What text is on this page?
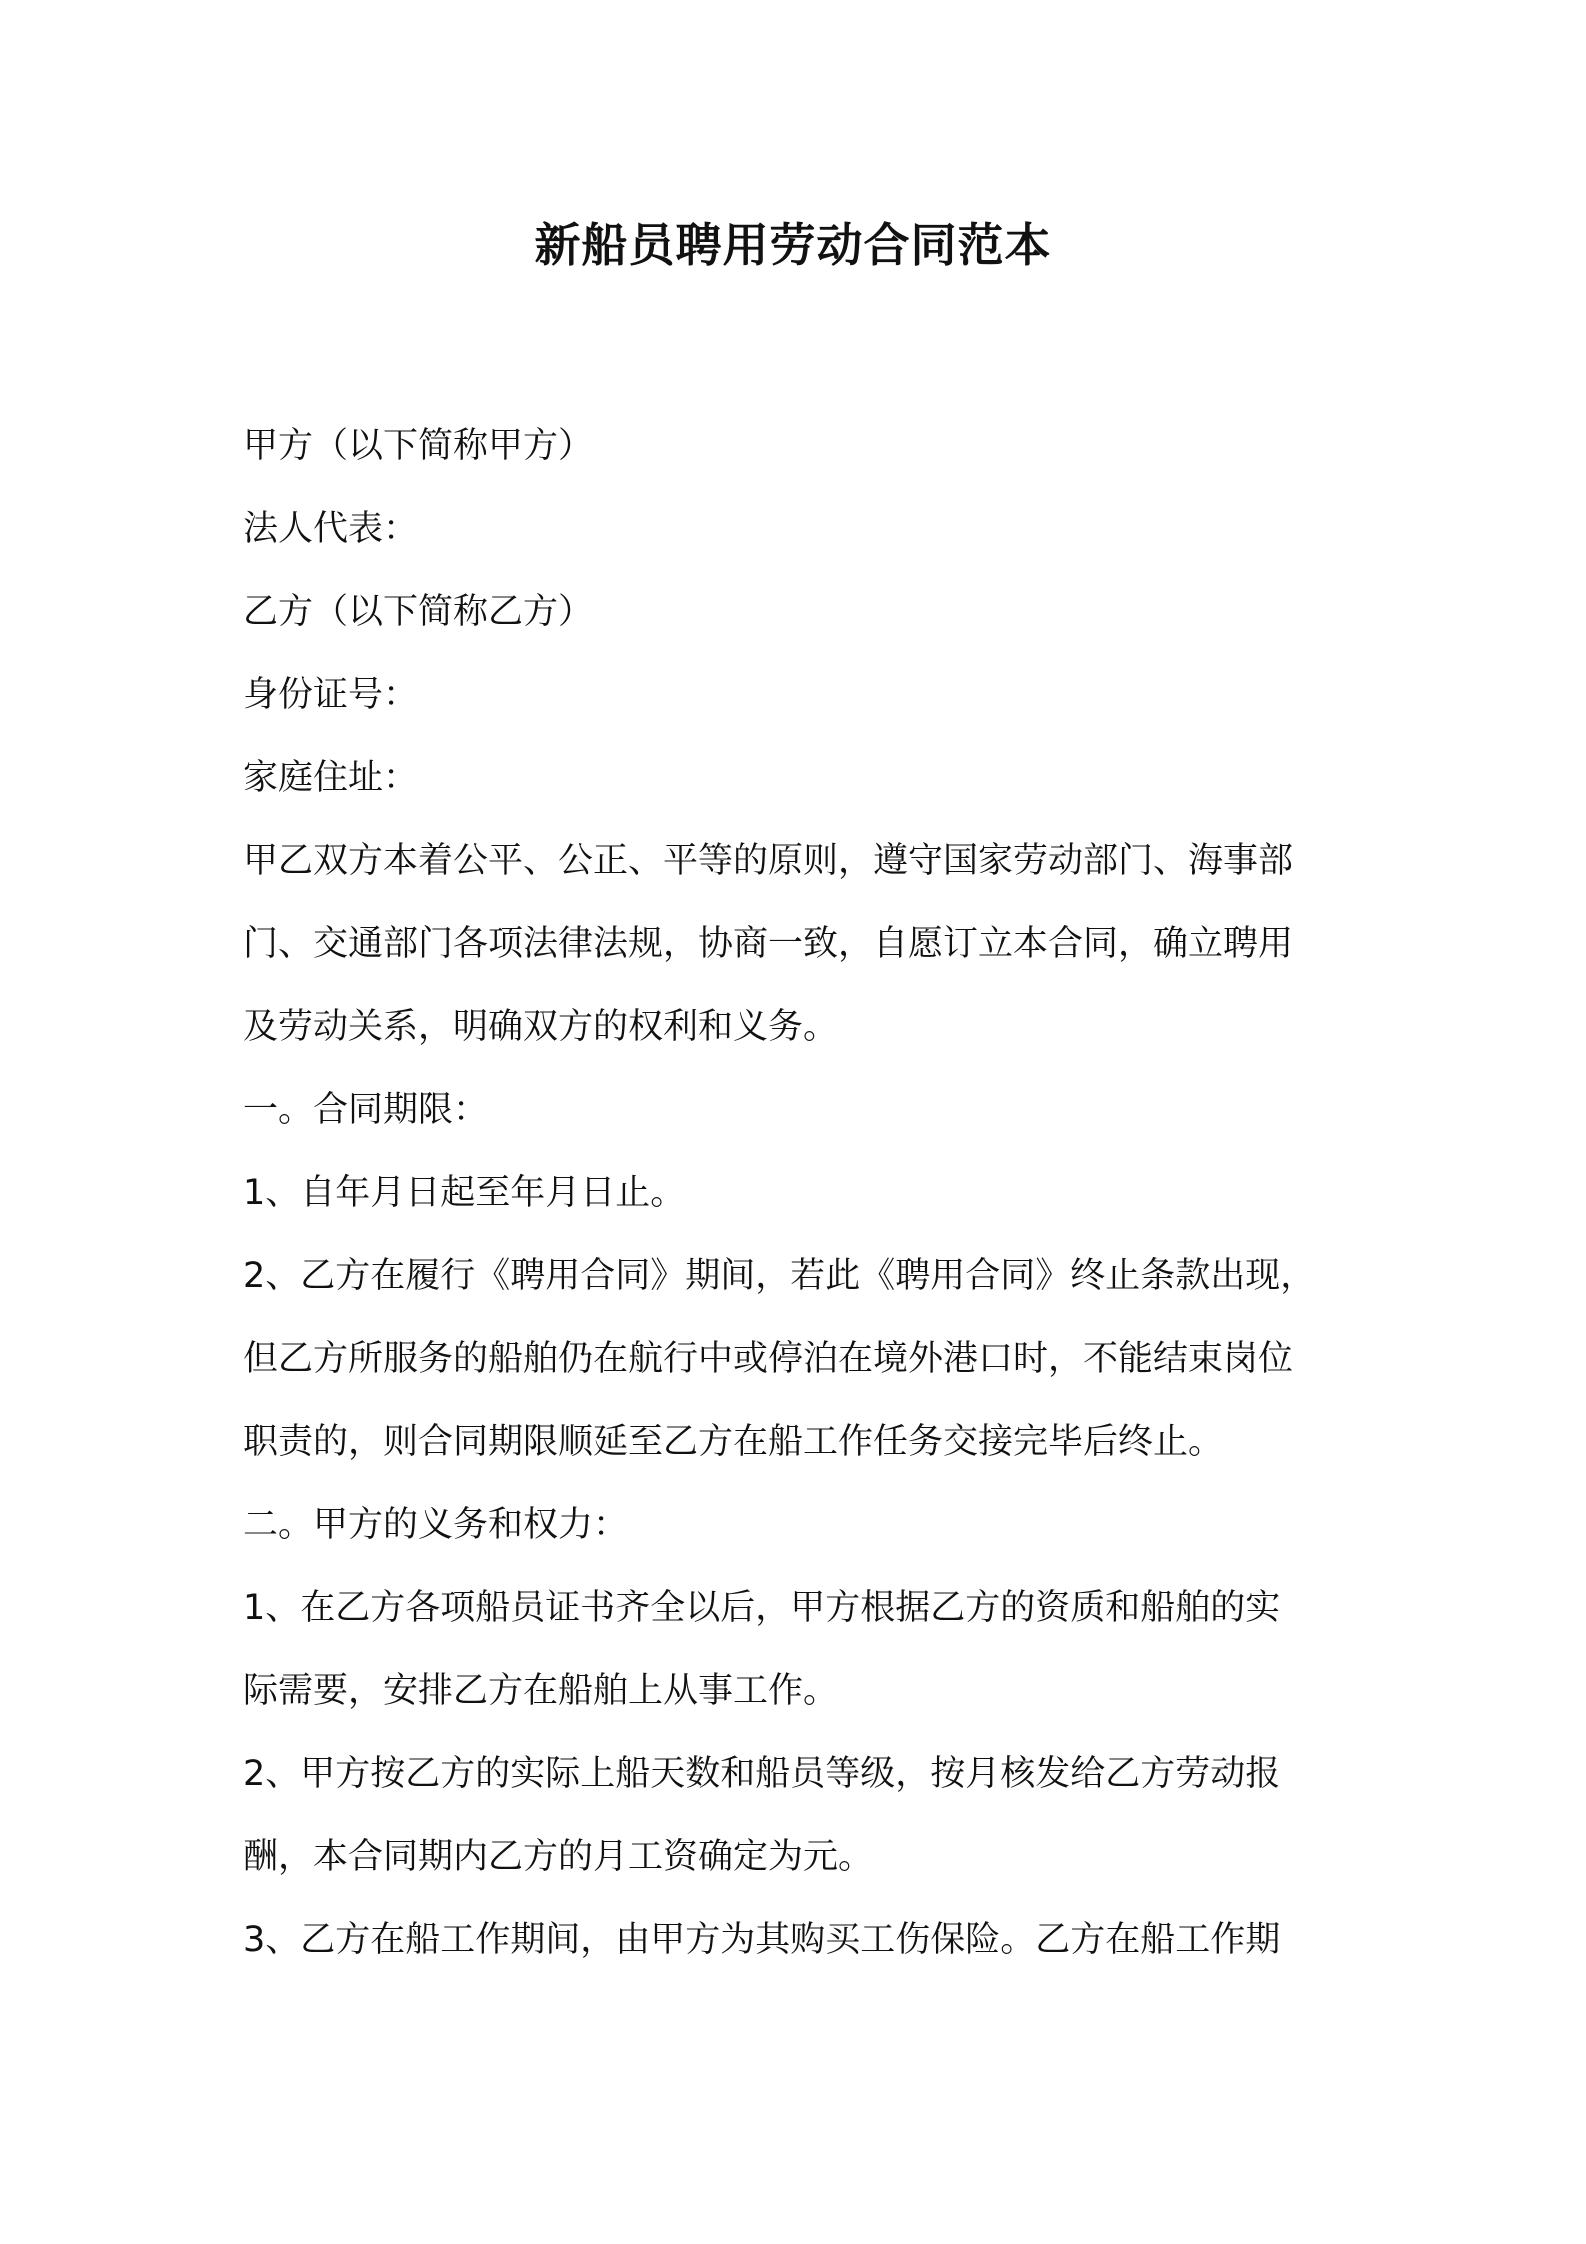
新船员聘用劳动合同范本

甲方（以下简称甲方）

法人代表：

乙方（以下简称乙方）

身份证号：

家庭住址：

甲乙双方本着公平、公正、平等的原则，遵守国家劳动部门、海事部

门、交通部门各项法律法规，协商一致，自愿订立本合同，确立聘用

及劳动关系，明确双方的权利和义务。

一。合同期限：

1、自年月日起至年月日止。

2、乙方在履行《聘用合同》期间，若此《聘用合同》终止条款出现，

但乙方所服务的船舶仍在航行中或停泊在境外港口时，不能结束岗位

职责的，则合同期限顺延至乙方在船工作任务交接完毕后终止。

二。甲方的义务和权力：

1、在乙方各项船员证书齐全以后，甲方根据乙方的资质和船舶的实

际需要，安排乙方在船舶上从事工作。

2、甲方按乙方的实际上船天数和船员等级，按月核发给乙方劳动报

酬，本合同期内乙方的月工资确定为元。

3、乙方在船工作期间，由甲方为其购买工伤保险。乙方在船工作期
